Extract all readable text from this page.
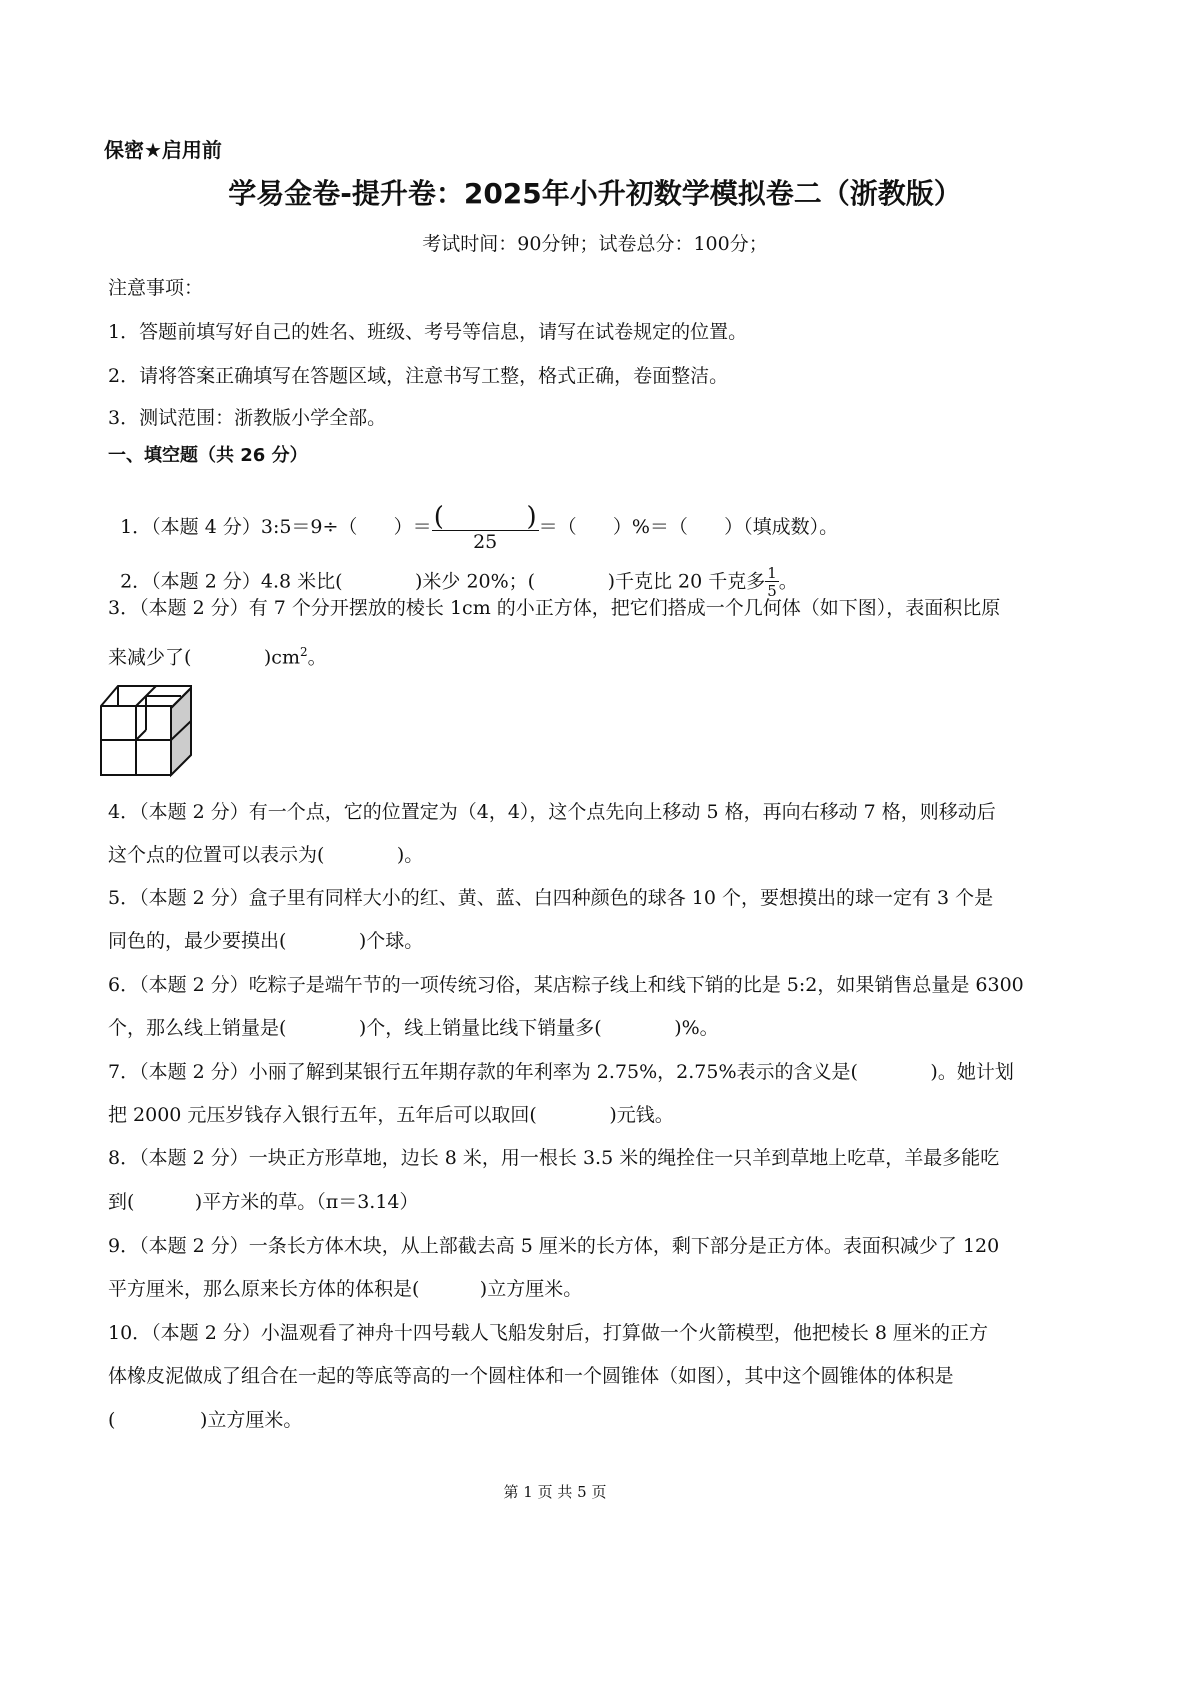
保密★启用前
学易金卷-提升卷：2025年小升初数学模拟卷二（浙教版）
考试时间：90分钟；试卷总分：100分；
注意事项：
1．答题前填写好自己的姓名、班级、考号等信息，请写在试卷规定的位置。
2．请将答案正确填写在答题区域，注意书写工整，格式正确，卷面整洁。
3．测试范围：浙教版小学全部。
一、填空题（共 26 分）

1．（本题 4 分）3:5＝9÷（      ）＝ $\frac{( )}{25}$ ＝（      ）%＝（      ）（填成数）。

2．（本题 2 分）4.8 米比(            )米少 20%；(            )千克比 20 千克多 $\frac{1}{5}$ 。

3．（本题 2 分）有 7 个分开摆放的棱长 1cm 的小正方体，把它们搭成一个几何体（如下图），表面积比原
来减少了(            )$cm^2$。
4．（本题 2 分）有一个点，它的位置定为（4，4），这个点先向上移动 5 格，再向右移动 7 格，则移动后
这个点的位置可以表示为(            )。
5．（本题 2 分）盒子里有同样大小的红、黄、蓝、白四种颜色的球各 10 个，要想摸出的球一定有 3 个是
同色的，最少要摸出(            )个球。
6．（本题 2 分）吃粽子是端午节的一项传统习俗，某店粽子线上和线下销的比是 5:2，如果销售总量是 6300
个，那么线上销量是(            )个，线上销量比线下销量多(            )%。
7．（本题 2 分）小丽了解到某银行五年期存款的年利率为 2.75%，2.75%表示的含义是(            )。她计划
把 2000 元压岁钱存入银行五年，五年后可以取回(            )元钱。
8．（本题 2 分）一块正方形草地，边长 8 米，用一根长 3.5 米的绳拴住一只羊到草地上吃草，羊最多能吃
到(          )平方米的草。（π＝3.14）
9．（本题 2 分）一条长方体木块，从上部截去高 5 厘米的长方体，剩下部分是正方体。表面积减少了 120
平方厘米，那么原来长方体的体积是(          )立方厘米。
10．（本题 2 分）小温观看了神舟十四号载人飞船发射后，打算做一个火箭模型，他把棱长 8 厘米的正方
体橡皮泥做成了组合在一起的等底等高的一个圆柱体和一个圆锥体（如图），其中这个圆锥体的体积是
(              )立方厘米。
第 1 页 共 5 页
